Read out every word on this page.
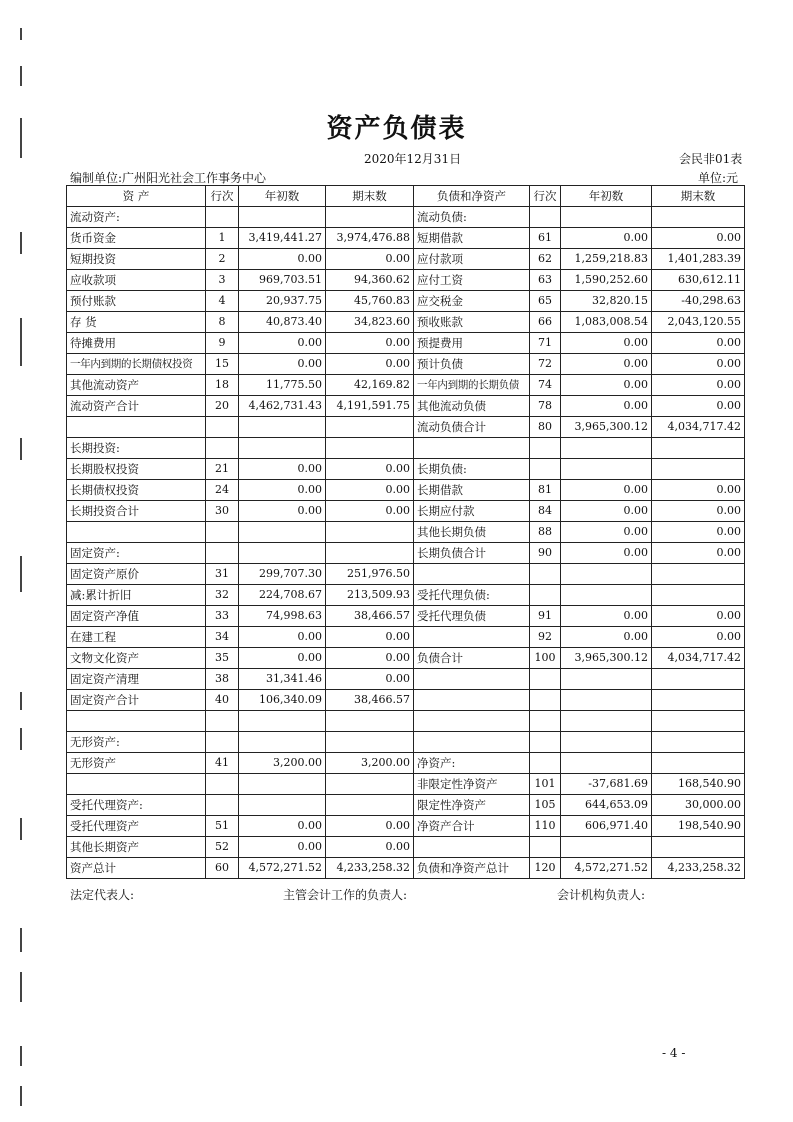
资产负债表
2020年12月31日	会民非01表
编制单位:广州阳光社会工作事务中心	单位:元
资 产	行次	年初数	期末数	负债和净资产	行次	年初数	期末数
流动资产:				流动负债:			
货币资金	1	3,419,441.27	3,974,476.88	短期借款	61	0.00	0.00
短期投资	2	0.00	0.00	应付款项	62	1,259,218.83	1,401,283.39
应收款项	3	969,703.51	94,360.62	应付工资	63	1,590,252.60	630,612.11
预付账款	4	20,937.75	45,760.83	应交税金	65	32,820.15	-40,298.63
存 货	8	40,873.40	34,823.60	预收账款	66	1,083,008.54	2,043,120.55
待摊费用	9	0.00	0.00	预提费用	71	0.00	0.00
一年内到期的长期债权投资	15	0.00	0.00	预计负债	72	0.00	0.00
其他流动资产	18	11,775.50	42,169.82	一年内到期的长期负债	74	0.00	0.00
流动资产合计	20	4,462,731.43	4,191,591.75	其他流动负债	78	0.00	0.00
				流动负债合计	80	3,965,300.12	4,034,717.42
长期投资:							
长期股权投资	21	0.00	0.00	长期负债:			
长期债权投资	24	0.00	0.00	长期借款	81	0.00	0.00
长期投资合计	30	0.00	0.00	长期应付款	84	0.00	0.00
				其他长期负债	88	0.00	0.00
固定资产:				长期负债合计	90	0.00	0.00
固定资产原价	31	299,707.30	251,976.50				
减:累计折旧	32	224,708.67	213,509.93	受托代理负债:			
固定资产净值	33	74,998.63	38,466.57	受托代理负债	91	0.00	0.00
在建工程	34	0.00	0.00		92	0.00	0.00
文物文化资产	35	0.00	0.00	负债合计	100	3,965,300.12	4,034,717.42
固定资产清理	38	31,341.46	0.00				
固定资产合计	40	106,340.09	38,466.57				

无形资产:							
无形资产	41	3,200.00	3,200.00	净资产:			
				非限定性净资产	101	-37,681.69	168,540.90
受托代理资产:				限定性净资产	105	644,653.09	30,000.00
受托代理资产	51	0.00	0.00	净资产合计	110	606,971.40	198,540.90
其他长期资产	52	0.00	0.00				
资产总计	60	4,572,271.52	4,233,258.32	负债和净资产总计	120	4,572,271.52	4,233,258.32
法定代表人:	主管会计工作的负责人:	会计机构负责人:
- 4 -
